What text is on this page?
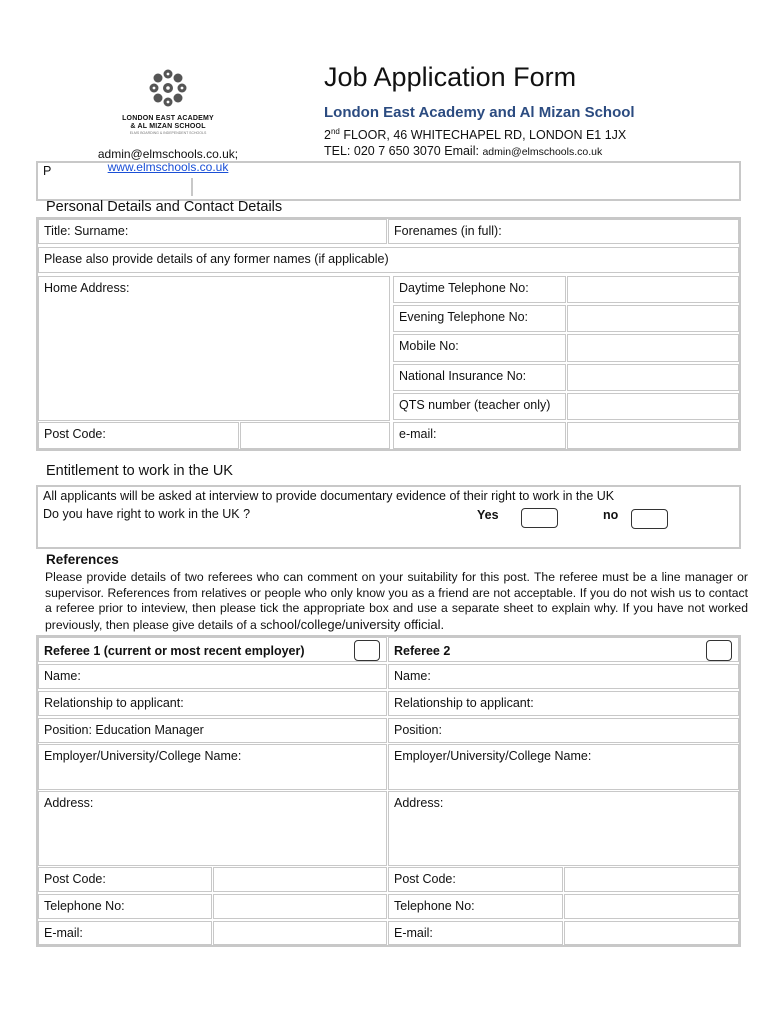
LONDON EAST ACADEMY
& AL MIZAN SCHOOL
ELMS BOARDING & INDEPENDENT SCHOOLS
admin@elmschools.co.uk;
www.elmschools.co.uk
Job Application Form
London East Academy and Al Mizan School
2nd FLOOR, 46 WHITECHAPEL RD, LONDON E1 1JX
TEL: 020 7 650 3070 Email: admin@elmschools.co.uk
P
Personal Details and Contact Details
Title: Surname:	Forenames (in full):
Please also provide details of any former names (if applicable)
Home Address:	Daytime Telephone No:
Evening Telephone No:
Mobile No:
National Insurance No:
QTS number (teacher only)
Post Code:	e-mail:
Entitlement to work in the UK
All applicants will be asked at interview to provide documentary evidence of their right to work in the UK
Do you have right to work in the UK ?	Yes	no
References
Please provide details of two referees who can comment on your suitability for this post. The referee must be a line manager or supervisor. References from relatives or people who only know you as a friend are not acceptable. If you do not wish us to contact a referee prior to inteview, then please tick the appropriate box and use a separate sheet to explain why. If you have not worked previously, then please give details of a school/college/university official.
Referee 1 (current or most recent employer)	Referee 2
Name:	Name:
Relationship to applicant:	Relationship to applicant:
Position: Education Manager	Position:
Employer/University/College Name:	Employer/University/College Name:
Address:	Address:
Post Code:	Post Code:
Telephone No:	Telephone No:
E-mail:	E-mail:
